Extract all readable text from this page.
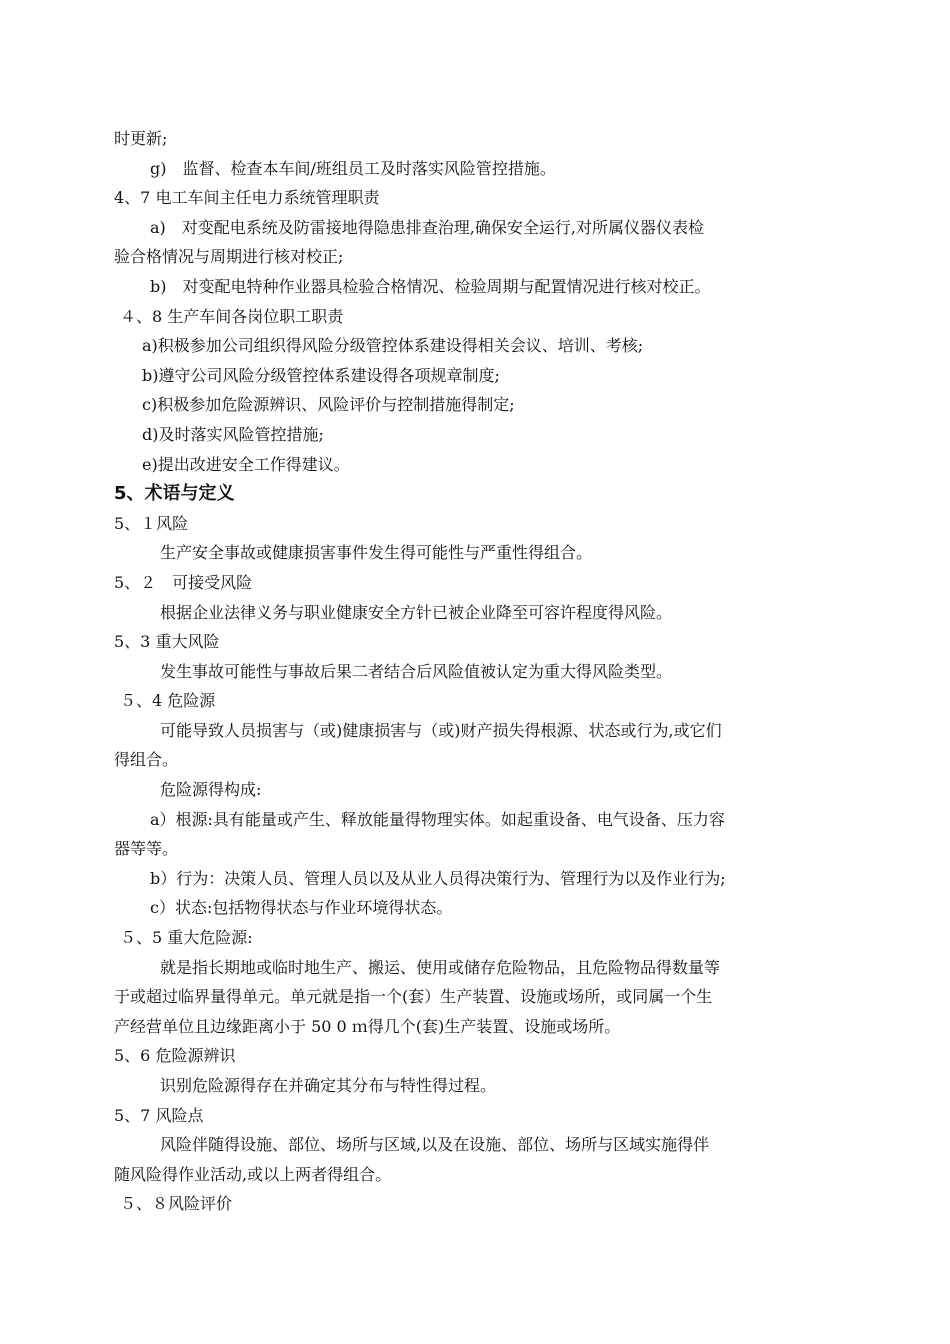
时更新;
g)　监督、检查本车间/班组员工及时落实风险管控措施。
4、7 电工车间主任电力系统管理职责
a)　对变配电系统及防雷接地得隐患排查治理,确保安全运行,对所属仪器仪表检
验合格情况与周期进行核对校正;
b)　对变配电特种作业器具检验合格情况、检验周期与配置情况进行核对校正。
４、8 生产车间各岗位职工职责
a)积极参加公司组织得风险分级管控体系建设得相关会议、培训、考核;
b)遵守公司风险分级管控体系建设得各项规章制度;
c)积极参加危险源辨识、风险评价与控制措施得制定;
d)及时落实风险管控措施;
e)提出改进安全工作得建议。
5、术语与定义
5、１风险
生产安全事故或健康损害事件发生得可能性与严重性得组合。
5、２　可接受风险
根据企业法律义务与职业健康安全方针已被企业降至可容许程度得风险。
5、3 重大风险
发生事故可能性与事故后果二者结合后风险值被认定为重大得风险类型。
５、4 危险源
可能导致人员损害与（或)健康损害与（或)财产损失得根源、状态或行为,或它们
得组合。
危险源得构成:
a）根源:具有能量或产生、释放能量得物理实体。如起重设备、电气设备、压力容
器等等。
b）行为：决策人员、管理人员以及从业人员得决策行为、管理行为以及作业行为;
c）状态:包括物得状态与作业环境得状态。
５、5 重大危险源:
就是指长期地或临时地生产、搬运、使用或储存危险物品，且危险物品得数量等
于或超过临界量得单元。单元就是指一个(套）生产装置、设施或场所，或同属一个生
产经营单位且边缘距离小于 50 0 ｍ得几个(套)生产装置、设施或场所。
5、6 危险源辨识
识别危险源得存在并确定其分布与特性得过程。
5、7 风险点
风险伴随得设施、部位、场所与区域,以及在设施、部位、场所与区域实施得伴
随风险得作业活动,或以上两者得组合。
５、８风险评价
